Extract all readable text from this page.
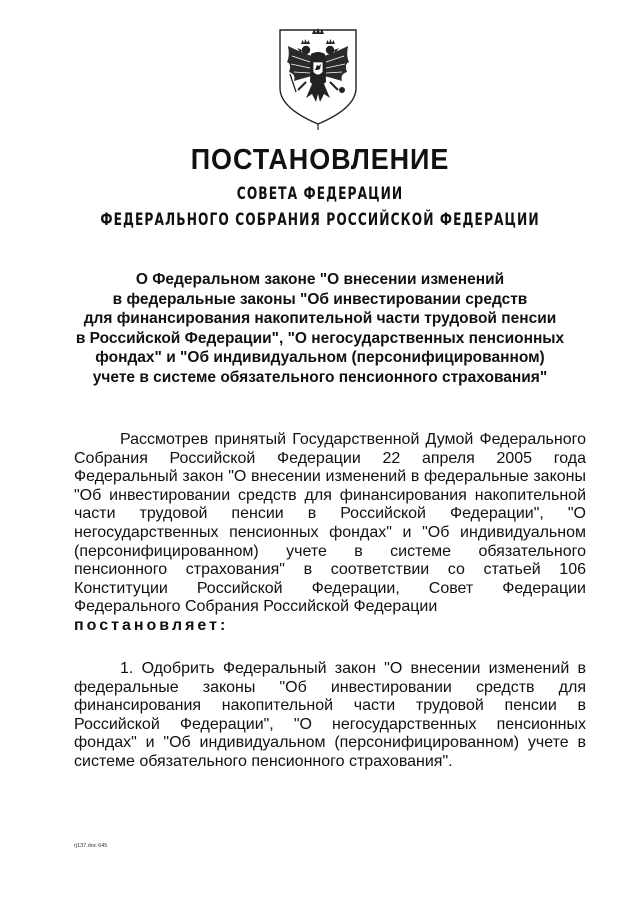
ПОСТАНОВЛЕНИЕ
СОВЕТА ФЕДЕРАЦИИ
ФЕДЕРАЛЬНОГО СОБРАНИЯ РОССИЙСКОЙ ФЕДЕРАЦИИ
О Федеральном законе "О внесении изменений
в федеральные законы "Об инвестировании средств
для финансирования накопительной части трудовой пенсии
в Российской Федерации", "О негосударственных пенсионных
фондах" и "Об индивидуальном (персонифицированном)
учете в системе обязательного пенсионного страхования"

Рассмотрев принятый Государственной Думой Федерального Собрания Российской Федерации 22 апреля 2005 года Федеральный закон "О внесении изменений в федеральные законы "Об инвестировании средств для финансирования накопительной части трудовой пенсии в Российской Федерации", "О негосударственных пенсионных фондах" и "Об индивидуальном (персонифицированном) учете в системе обязательного пенсионного страхования" в соответствии со статьей 106 Конституции Российской Федерации, Совет Федерации Федерального Собрания Российской Федерации
постановляет:

1. Одобрить Федеральный закон "О внесении изменений в федеральные законы "Об инвестировании средств для финансирования накопительной части трудовой пенсии в Российской Федерации", "О негосударственных пенсионных фондах" и "Об индивидуальном (персонифицированном) учете в системе обязательного пенсионного страхования".

rj137.doc 645
